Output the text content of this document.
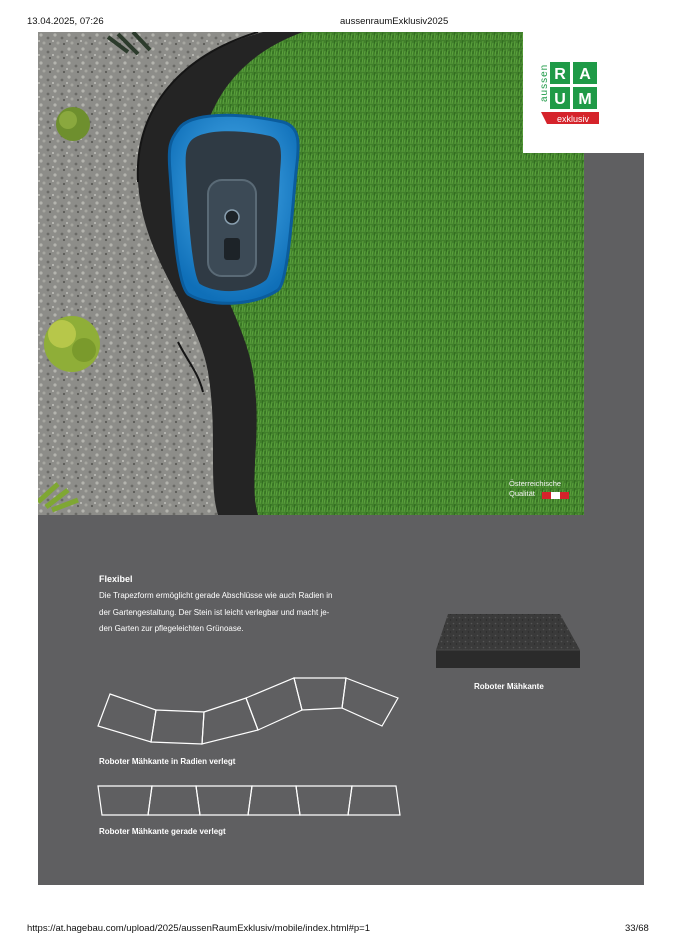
13.04.2025, 07:26	aussenraumExklusiv2025
Österreichische
Qualität
aussen R A
U M
exklusiv
Flexibel
Die Trapezform ermöglicht gerade Abschlüsse wie auch Radien in
der Gartengestaltung. Der Stein ist leicht verlegbar und macht je-
den Garten zur pflegeleichten Grünoase.
Roboter Mähkante in Radien verlegt
Roboter Mähkante gerade verlegt
Roboter Mähkante
https://at.hagebau.com/upload/2025/aussenRaumExklusiv/mobile/index.html#p=1	33/68
